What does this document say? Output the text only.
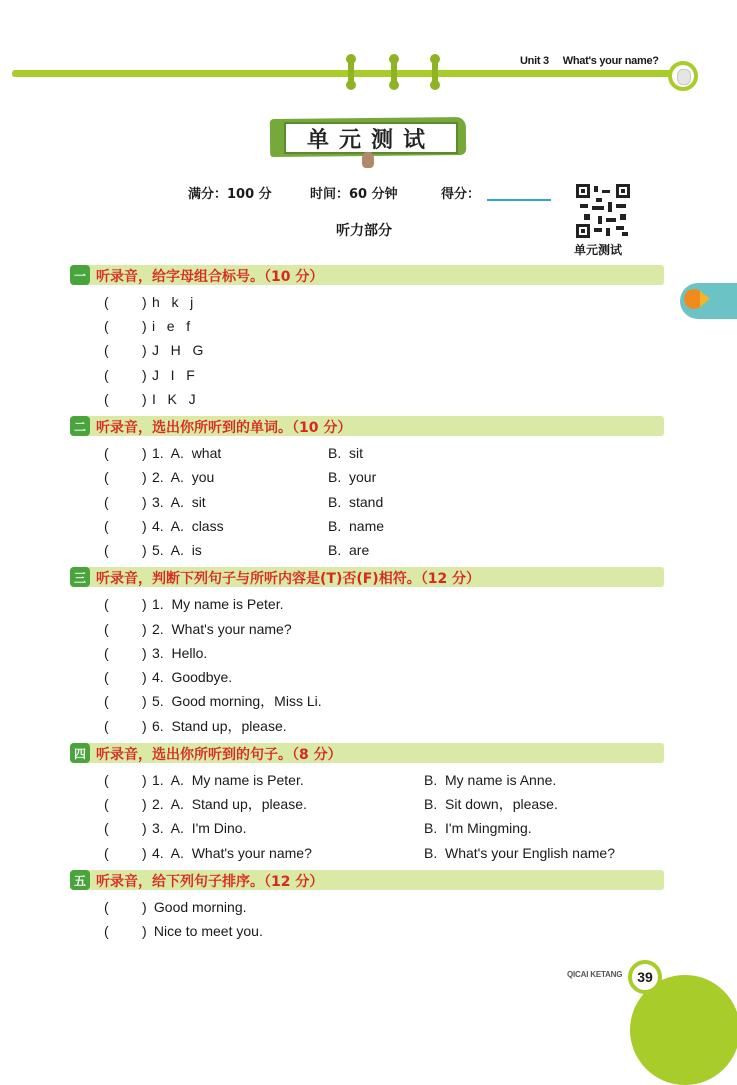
Unit 3 What's your name?
单元测试
满分：100 分	时间：60 分钟	得分：
听力部分
单元测试
一 听录音，给字母组合标号。（10 分）
( ) h   k   j
( ) i   e   f
( ) J   H   G
( ) J   I   F
( ) I   K   J
二 听录音，选出你所听到的单词。（10 分）
( ) 1.  A.  what	B.  sit
( ) 2.  A.  you	B.  your
( ) 3.  A.  sit	B.  stand
( ) 4.  A.  class	B.  name
( ) 5.  A.  is	B.  are
三 听录音，判断下列句子与所听内容是(T)否(F)相符。（12 分）
( ) 1.  My name is Peter.
( ) 2.  What's your name?
( ) 3.  Hello.
( ) 4.  Goodbye.
( ) 5.  Good morning，Miss Li.
( ) 6.  Stand up，please.
四 听录音，选出你所听到的句子。（8 分）
( ) 1.  A.  My name is Peter.	B.  My name is Anne.
( ) 2.  A.  Stand up，please.	B.  Sit down，please.
( ) 3.  A.  I'm Dino.	B.  I'm Mingming.
( ) 4.  A.  What's your name?	B.  What's your English name?
五 听录音，给下列句子排序。（12 分）
( ) Good morning.
( ) Nice to meet you.
QICAI KETANG	39
